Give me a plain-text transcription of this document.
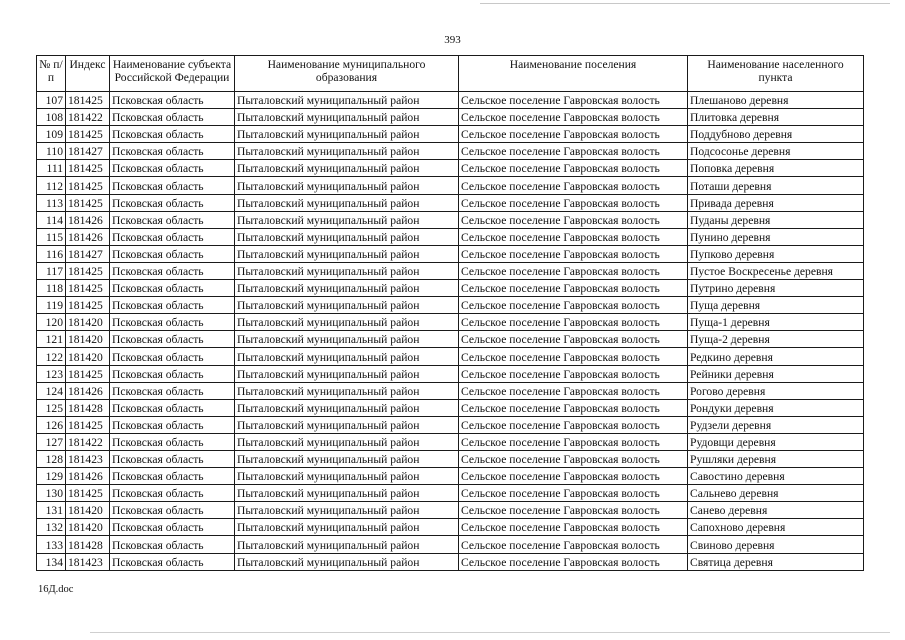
393
№ п/п	Индекс	Наименование субъекта Российской Федерации	Наименование муниципального образования	Наименование поселения	Наименование населенного пункта
107	181425	Псковская область	Пыталовский муниципальный район	Сельское поселение Гавровская волость	Плешаново деревня
108	181422	Псковская область	Пыталовский муниципальный район	Сельское поселение Гавровская волость	Плитовка деревня
109	181425	Псковская область	Пыталовский муниципальный район	Сельское поселение Гавровская волость	Поддубново деревня
110	181427	Псковская область	Пыталовский муниципальный район	Сельское поселение Гавровская волость	Подсосонье деревня
111	181425	Псковская область	Пыталовский муниципальный район	Сельское поселение Гавровская волость	Поповка деревня
112	181425	Псковская область	Пыталовский муниципальный район	Сельское поселение Гавровская волость	Поташи деревня
113	181425	Псковская область	Пыталовский муниципальный район	Сельское поселение Гавровская волость	Привада деревня
114	181426	Псковская область	Пыталовский муниципальный район	Сельское поселение Гавровская волость	Пуданы деревня
115	181426	Псковская область	Пыталовский муниципальный район	Сельское поселение Гавровская волость	Пунино деревня
116	181427	Псковская область	Пыталовский муниципальный район	Сельское поселение Гавровская волость	Пупково деревня
117	181425	Псковская область	Пыталовский муниципальный район	Сельское поселение Гавровская волость	Пустое Воскресенье деревня
118	181425	Псковская область	Пыталовский муниципальный район	Сельское поселение Гавровская волость	Путрино деревня
119	181425	Псковская область	Пыталовский муниципальный район	Сельское поселение Гавровская волость	Пуща деревня
120	181420	Псковская область	Пыталовский муниципальный район	Сельское поселение Гавровская волость	Пуща-1 деревня
121	181420	Псковская область	Пыталовский муниципальный район	Сельское поселение Гавровская волость	Пуща-2 деревня
122	181420	Псковская область	Пыталовский муниципальный район	Сельское поселение Гавровская волость	Редкино деревня
123	181425	Псковская область	Пыталовский муниципальный район	Сельское поселение Гавровская волость	Рейники деревня
124	181426	Псковская область	Пыталовский муниципальный район	Сельское поселение Гавровская волость	Рогово деревня
125	181428	Псковская область	Пыталовский муниципальный район	Сельское поселение Гавровская волость	Рондуки деревня
126	181425	Псковская область	Пыталовский муниципальный район	Сельское поселение Гавровская волость	Рудзели деревня
127	181422	Псковская область	Пыталовский муниципальный район	Сельское поселение Гавровская волость	Рудовщи деревня
128	181423	Псковская область	Пыталовский муниципальный район	Сельское поселение Гавровская волость	Рушляки деревня
129	181426	Псковская область	Пыталовский муниципальный район	Сельское поселение Гавровская волость	Савостино деревня
130	181425	Псковская область	Пыталовский муниципальный район	Сельское поселение Гавровская волость	Сальнево деревня
131	181420	Псковская область	Пыталовский муниципальный район	Сельское поселение Гавровская волость	Санево деревня
132	181420	Псковская область	Пыталовский муниципальный район	Сельское поселение Гавровская волость	Сапохново деревня
133	181428	Псковская область	Пыталовский муниципальный район	Сельское поселение Гавровская волость	Свиново деревня
134	181423	Псковская область	Пыталовский муниципальный район	Сельское поселение Гавровская волость	Святица деревня
16Д.doc
